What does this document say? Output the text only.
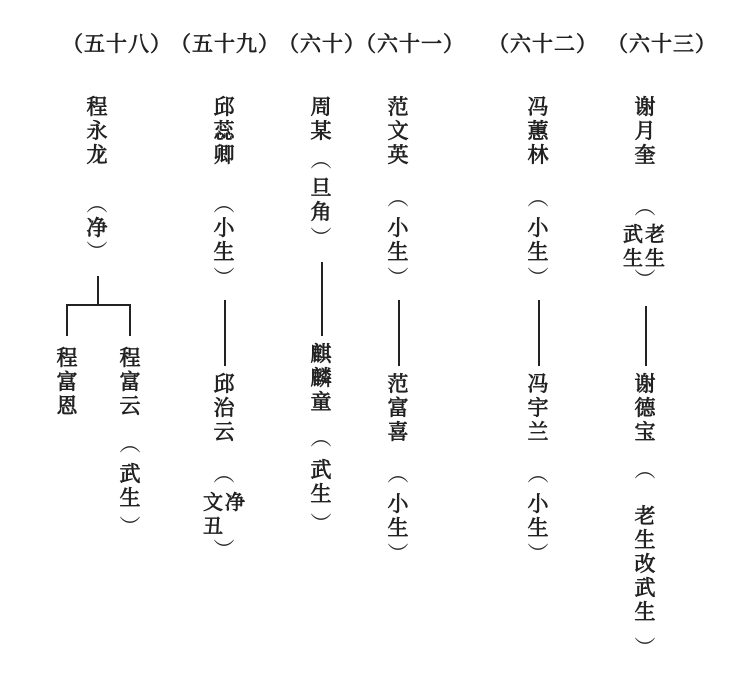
（五十八）
（五十九）
（六十）
（六十一） （六十二） （六十三）
程永龙
︵
净
︶
程富恩
程富云
︵
武生
︶
邱蕊卿
︵
小生
︶
邱治云
︵
文丑净
︶
周某
︵
旦角
︶
麒麟童
︵
武生
︶
范文英
︵
小生
︶
范富喜
︵
小生
︶
冯蕙林
︵
小生
︶
冯宇兰
︵
小生
︶
谢月奎
︵
武生老生
︶
谢德宝
︵
老生改武生
︶
